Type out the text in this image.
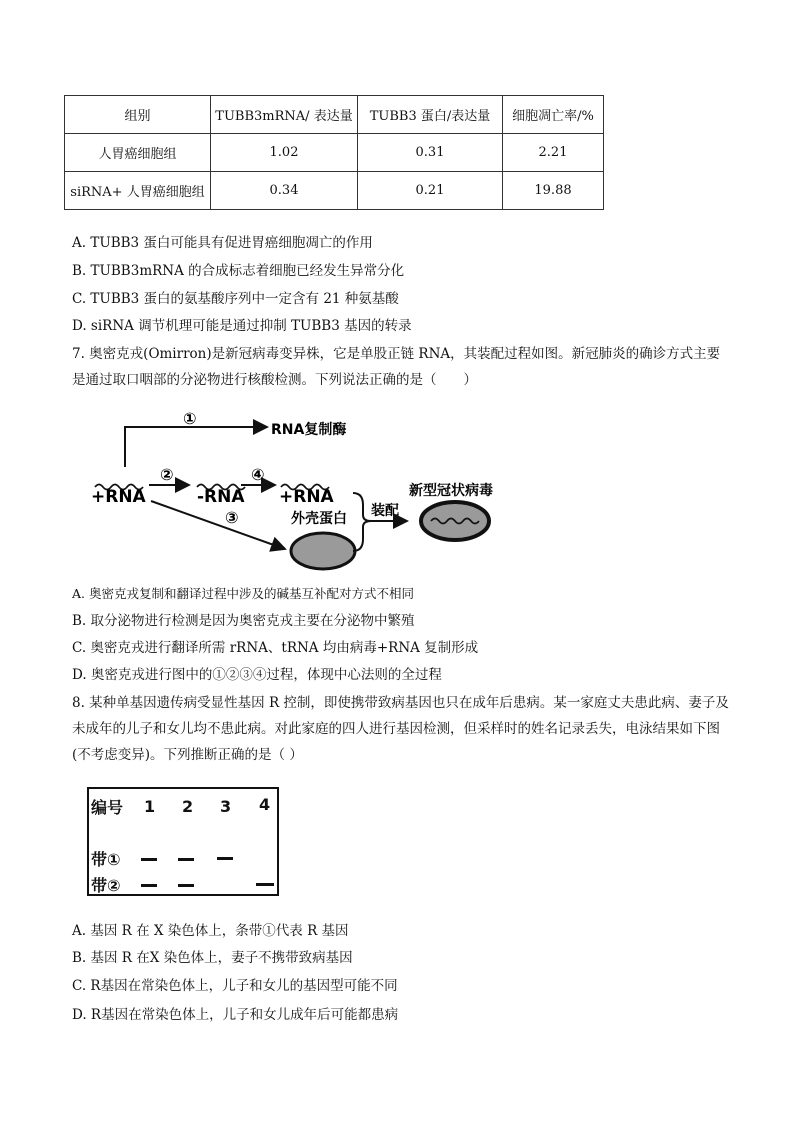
组别	TUBB3mRNA/ 表达量	TUBB3 蛋白/表达量	细胞凋亡率/%
人胃癌细胞组	1.02	0.31	2.21
siRNA+ 人胃癌细胞组	0.34	0.21	19.88
A. TUBB3 蛋白可能具有促进胃癌细胞凋亡的作用
B. TUBB3mRNA 的合成标志着细胞已经发生异常分化
C. TUBB3 蛋白的氨基酸序列中一定含有 21 种氨基酸
D. siRNA 调节机理可能是通过抑制 TUBB3 基因的转录
7. 奥密克戎(Omirron)是新冠病毒变异株，它是单股正链 RNA，其装配过程如图。新冠肺炎的确诊方式主要是通过取口咽部的分泌物进行核酸检测。下列说法正确的是（　　）
①
RNA复制酶
+RNA	-RNA +RNA
②	④
③	外壳蛋白 装配
新型冠状病毒
A. 奥密克戎复制和翻译过程中涉及的碱基互补配对方式不相同
B. 取分泌物进行检测是因为奥密克戎主要在分泌物中繁殖
C. 奥密克戎进行翻译所需 rRNA、tRNA 均由病毒+RNA 复制形成
D. 奥密克戎进行图中的①②③④过程，体现中心法则的全过程
8. 某种单基因遗传病受显性基因 R 控制，即使携带致病基因也只在成年后患病。某一家庭丈夫患此病、妻子及未成年的儿子和女儿均不患此病。对此家庭的四人进行基因检测，但采样时的姓名记录丢失，电泳结果如下图(不考虑变异)。下列推断正确的是（ ）
编号 1 2 3 4
带①
带②
A. 基因 R 在 X 染色体上，条带①代表 R 基因
B. 基因 R 在X 染色体上，妻子不携带致病基因
C. R基因在常染色体上，儿子和女儿的基因型可能不同
D. R基因在常染色体上，儿子和女儿成年后可能都患病
